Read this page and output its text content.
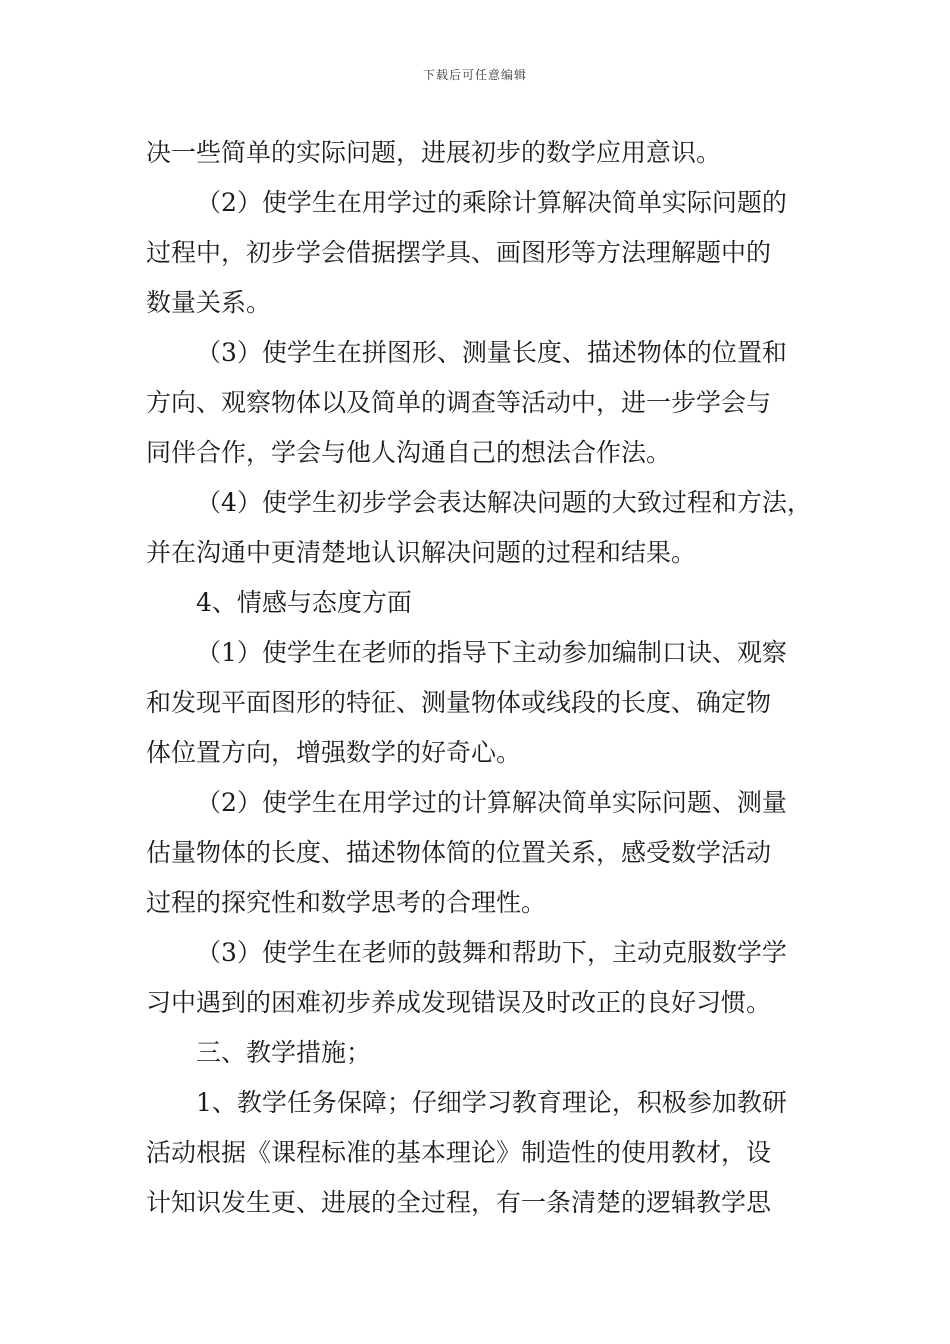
下载后可任意编辑
决一些简单的实际问题，进展初步的数学应用意识。
（2）使学生在用学过的乘除计算解决简单实际问题的
过程中，初步学会借据摆学具、画图形等方法理解题中的
数量关系。
（3）使学生在拼图形、测量长度、描述物体的位置和
方向、观察物体以及简单的调查等活动中，进一步学会与
同伴合作，学会与他人沟通自己的想法合作法。
（4）使学生初步学会表达解决问题的大致过程和方法，
并在沟通中更清楚地认识解决问题的过程和结果。
4、情感与态度方面
（1）使学生在老师的指导下主动参加编制口诀、观察
和发现平面图形的特征、测量物体或线段的长度、确定物
体位置方向，增强数学的好奇心。
（2）使学生在用学过的计算解决简单实际问题、测量
估量物体的长度、描述物体简的位置关系，感受数学活动
过程的探究性和数学思考的合理性。
（3）使学生在老师的鼓舞和帮助下，主动克服数学学
习中遇到的困难初步养成发现错误及时改正的良好习惯。
三、教学措施；
1、教学任务保障；仔细学习教育理论，积极参加教研
活动根据《课程标准的基本理论》制造性的使用教材，设
计知识发生更、进展的全过程，有一条清楚的逻辑教学思
